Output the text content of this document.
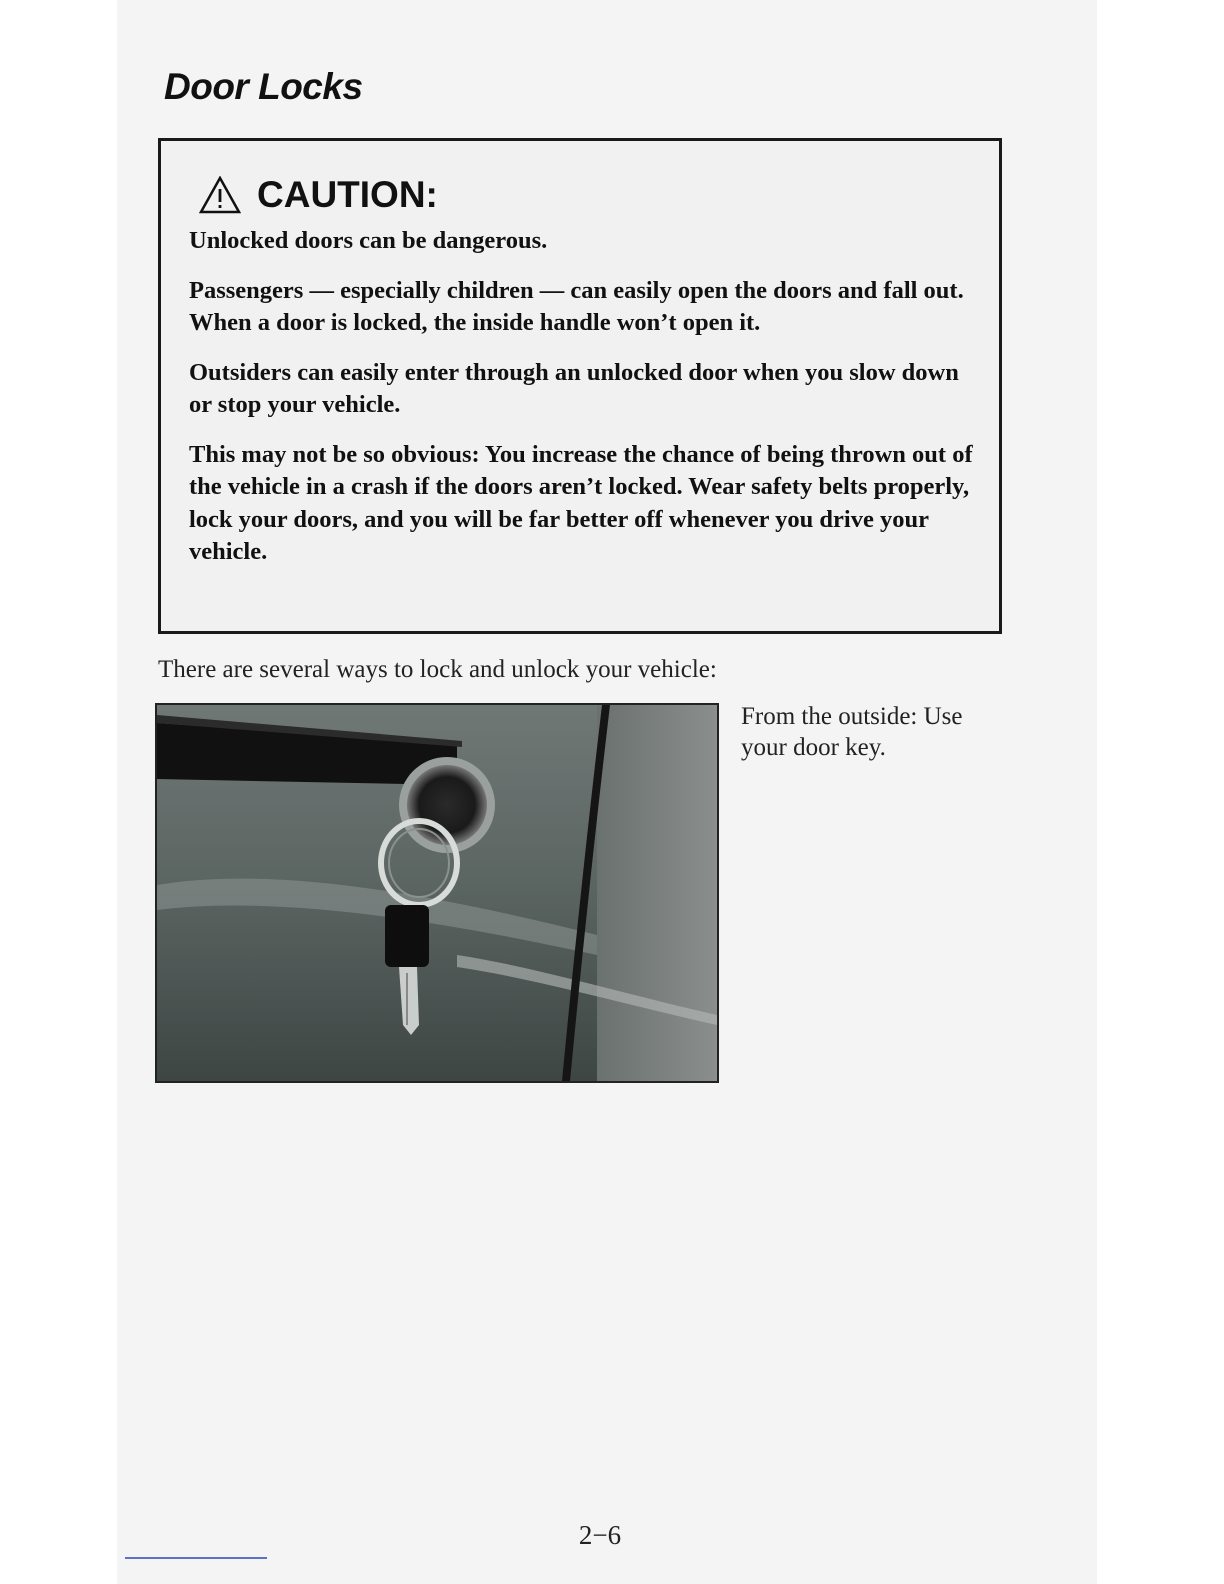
Door Locks
CAUTION:

Unlocked doors can be dangerous.

Passengers — especially children — can easily open the doors and fall out. When a door is locked, the inside handle won’t open it.

Outsiders can easily enter through an unlocked door when you slow down or stop your vehicle.

This may not be so obvious: You increase the chance of being thrown out of the vehicle in a crash if the doors aren’t locked. Wear safety belts properly, lock your doors, and you will be far better off whenever you drive your vehicle.

There are several ways to lock and unlock your vehicle:

From the outside: Use your door key.

2−6
